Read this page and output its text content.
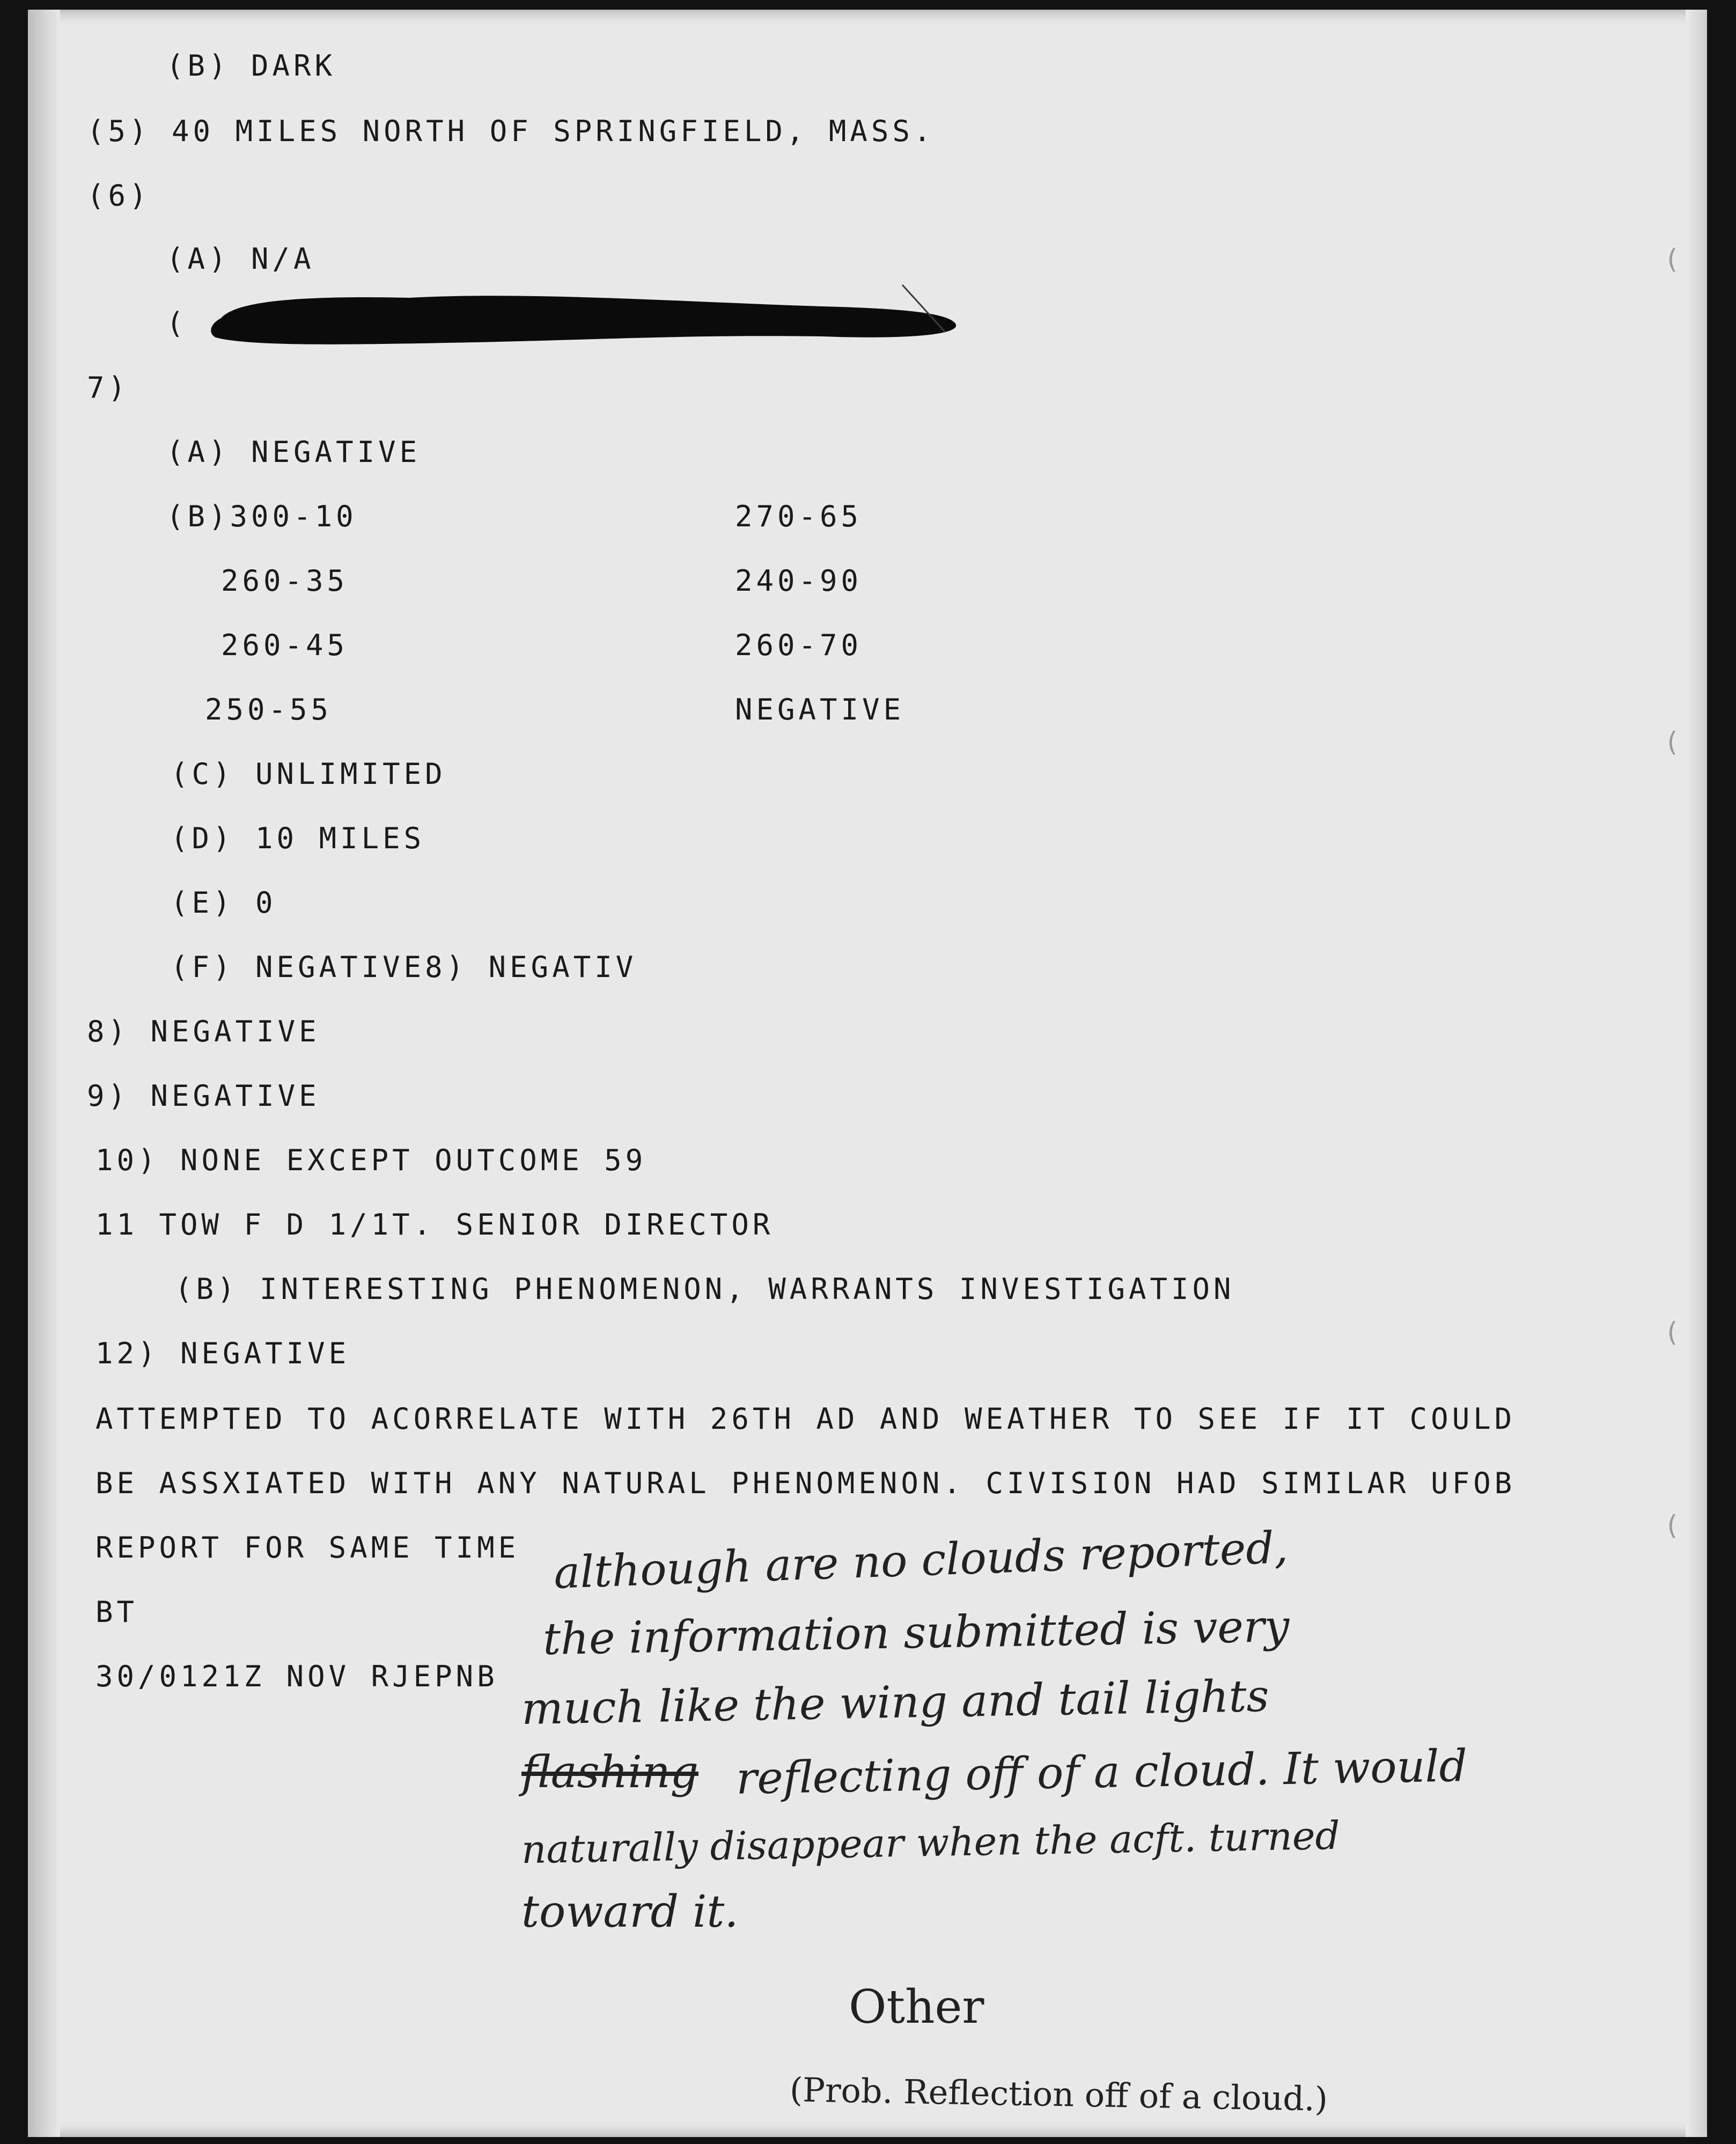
(B) DARK
(5) 40 MILES NORTH OF SPRINGFIELD, MASS.
(6)
(A) N/A
(
7)
(A) NEGATIVE
(B)300-10	270-65
260-35	240-90
260-45	260-70
250-55	NEGATIVE
(C) UNLIMITED
(D) 10 MILES
(E) 0
(F) NEGATIVE8) NEGATIV
8) NEGATIVE
9) NEGATIVE
10) NONE EXCEPT OUTCOME 59
11 TOW F D 1/1T. SENIOR DIRECTOR
(B) INTERESTING PHENOMENON, WARRANTS INVESTIGATION
12) NEGATIVE
ATTEMPTED TO ACORRELATE WITH 26TH AD AND WEATHER TO SEE IF IT COULD
BE ASSXIATED WITH ANY NATURAL PHENOMENON. CIVISION HAD SIMILAR UFOB
REPORT FOR SAME TIME
BT
30/0121Z NOV RJEPNB
although are no clouds reported,
the information submitted is very
much like the wing and tail lights
flashing reflecting off of a cloud. It would
naturally disappear when the acft. turned
toward it.
Other
(Prob. Reflection off of a cloud.)
(
(
(
(
